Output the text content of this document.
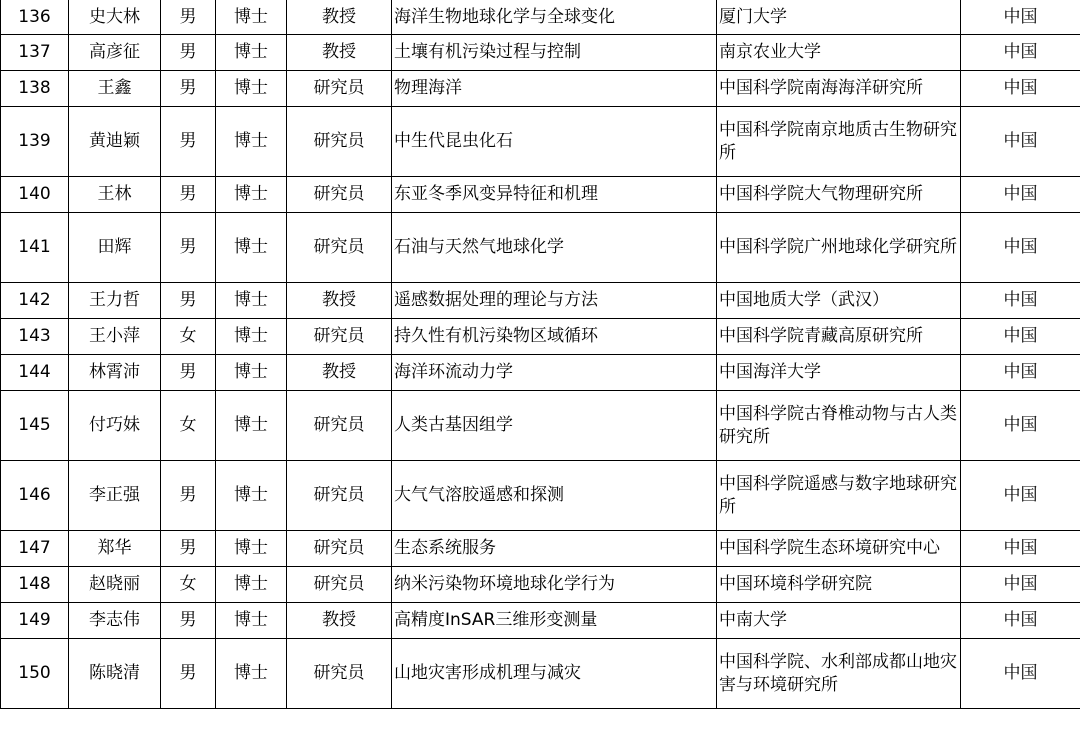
136	史大林	男	博士	教授	海洋生物地球化学与全球变化	厦门大学	中国
137	高彦征	男	博士	教授	土壤有机污染过程与控制	南京农业大学	中国
138	王鑫	男	博士	研究员	物理海洋	中国科学院南海海洋研究所	中国
139	黄迪颖	男	博士	研究员	中生代昆虫化石	中国科学院南京地质古生物研究所	中国
140	王林	男	博士	研究员	东亚冬季风变异特征和机理	中国科学院大气物理研究所	中国
141	田辉	男	博士	研究员	石油与天然气地球化学	中国科学院广州地球化学研究所	中国
142	王力哲	男	博士	教授	遥感数据处理的理论与方法	中国地质大学（武汉）	中国
143	王小萍	女	博士	研究员	持久性有机污染物区域循环	中国科学院青藏高原研究所	中国
144	林霄沛	男	博士	教授	海洋环流动力学	中国海洋大学	中国
145	付巧妹	女	博士	研究员	人类古基因组学	中国科学院古脊椎动物与古人类研究所	中国
146	李正强	男	博士	研究员	大气气溶胶遥感和探测	中国科学院遥感与数字地球研究所	中国
147	郑华	男	博士	研究员	生态系统服务	中国科学院生态环境研究中心	中国
148	赵晓丽	女	博士	研究员	纳米污染物环境地球化学行为	中国环境科学研究院	中国
149	李志伟	男	博士	教授	高精度InSAR三维形变测量	中南大学	中国
150	陈晓清	男	博士	研究员	山地灾害形成机理与减灾	中国科学院、水利部成都山地灾害与环境研究所	中国
